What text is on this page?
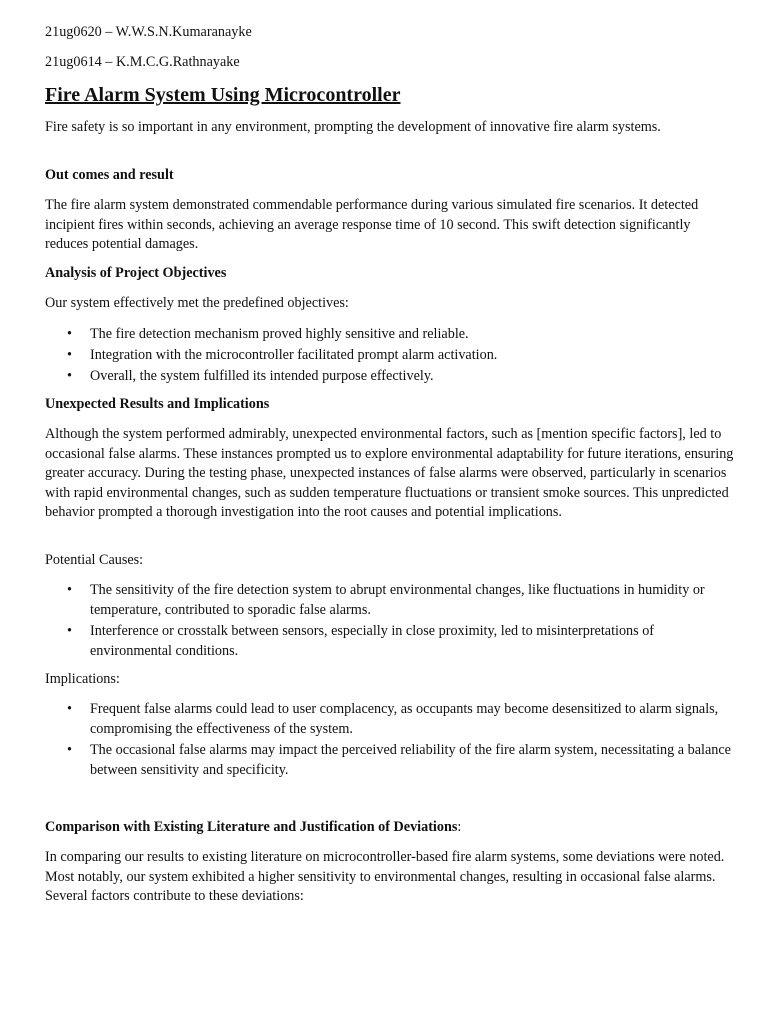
21ug0620 – W.W.S.N.Kumaranayke

21ug0614 – K.M.C.G.Rathnayake

Fire Alarm System Using Microcontroller

Fire safety is so important in any environment, prompting the development of innovative fire alarm systems.

Out comes and result

The fire alarm system demonstrated commendable performance during various simulated fire scenarios. It detected incipient fires within seconds, achieving an average response time of 10 second. This swift detection significantly reduces potential damages.

Analysis of Project Objectives

Our system effectively met the predefined objectives:

• The fire detection mechanism proved highly sensitive and reliable.
• Integration with the microcontroller facilitated prompt alarm activation.
• Overall, the system fulfilled its intended purpose effectively.

Unexpected Results and Implications

Although the system performed admirably, unexpected environmental factors, such as [mention specific factors], led to occasional false alarms. These instances prompted us to explore environmental adaptability for future iterations, ensuring greater accuracy. During the testing phase, unexpected instances of false alarms were observed, particularly in scenarios with rapid environmental changes, such as sudden temperature fluctuations or transient smoke sources. This unpredicted behavior prompted a thorough investigation into the root causes and potential implications.

Potential Causes:

• The sensitivity of the fire detection system to abrupt environmental changes, like fluctuations in humidity or temperature, contributed to sporadic false alarms.
• Interference or crosstalk between sensors, especially in close proximity, led to misinterpretations of environmental conditions.

Implications:

• Frequent false alarms could lead to user complacency, as occupants may become desensitized to alarm signals, compromising the effectiveness of the system.
• The occasional false alarms may impact the perceived reliability of the fire alarm system, necessitating a balance between sensitivity and specificity.

Comparison with Existing Literature and Justification of Deviations:

In comparing our results to existing literature on microcontroller-based fire alarm systems, some deviations were noted. Most notably, our system exhibited a higher sensitivity to environmental changes, resulting in occasional false alarms. Several factors contribute to these deviations:
